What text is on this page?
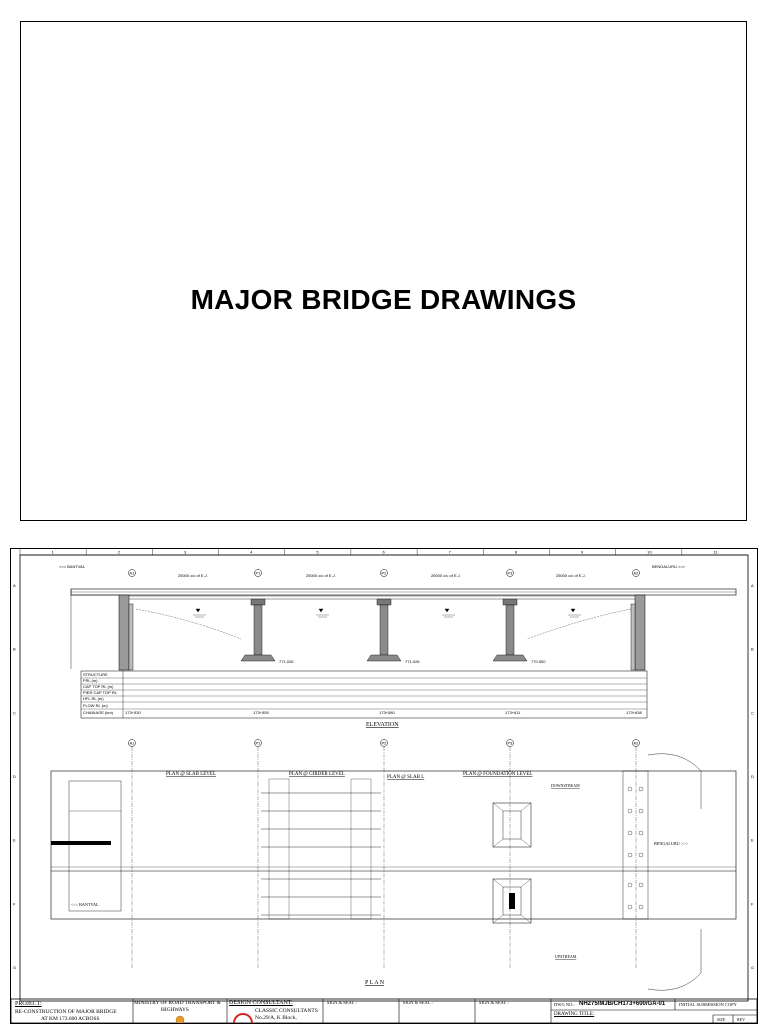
MAJOR BRIDGE DRAWINGS
1	2	3	4	5	6	7	8	9	10	11
A	A
B	B
C	C
D	D
E	E
F	F
G	G
<<< BANTVAL	BENGALURU >>>
25000 c/c of E.J.	25000 c/c of E.J.	25000 c/c of E.J.	25000 c/c of E.J.
A1	P1	P2	P3	A2
771.026	771.026	770.900
STRUCTURE
FRL (m)
CAP TOP RL (m)
PIER CAP TOP RL
HFL RL (m)
FLOW RL (m)
CHAINAGE (km)	173+530	173+555	173+580	173+611	173+638
ELEVATION
A1	P1	P2	P3	A2
PLAN @ SLAB LEVEL	PLAN @ GIRDER LEVEL
PLAN @ SLAB L
PLAN @ FOUNDATION LEVEL
BENGALURU >>>
<<< BANTVAL
DOWNSTREAM
UPSTREAM
P L A N
PROJECT:
RE-CONSTRUCTION OF MAJOR BRIDGE
AT KM 173.600 ACROSS
MINISTRY OF ROAD TRANSPORT &
HIGHWAYS
DESIGN CONSULTANT:
CLASSIC CONSULTANTS
No.29/A, K Block,
SIGN & SEAL :	SIGN & SEAL :	SIGN & SEAL :	DWG NO.: NH275/MJB/CH173+600/GA-01	INITIAL SUBMISSION COPY
DRAWING TITLE:
SIZE	REV
